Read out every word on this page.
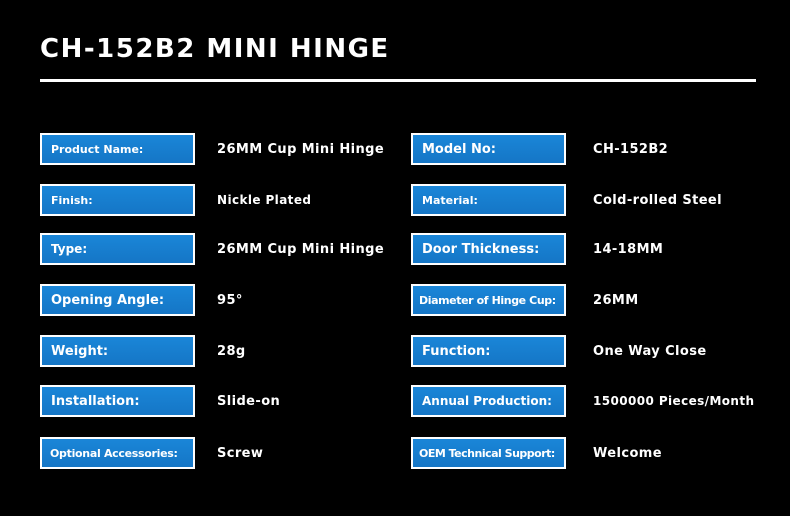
CH-152B2 MINI HINGE
Product Name:	26MM Cup Mini Hinge	Model No:	CH-152B2
Finish:	Nickle Plated	Material:	Cold-rolled Steel
Type:	26MM Cup Mini Hinge	Door Thickness:	14-18MM
Opening Angle:	95°	Diameter of Hinge Cup:	26MM
Weight:	28g	Function:	One Way Close
Installation:	Slide-on	Annual Production:	1500000 Pieces/Month
Optional Accessories:	Screw	OEM Technical Support:	Welcome
